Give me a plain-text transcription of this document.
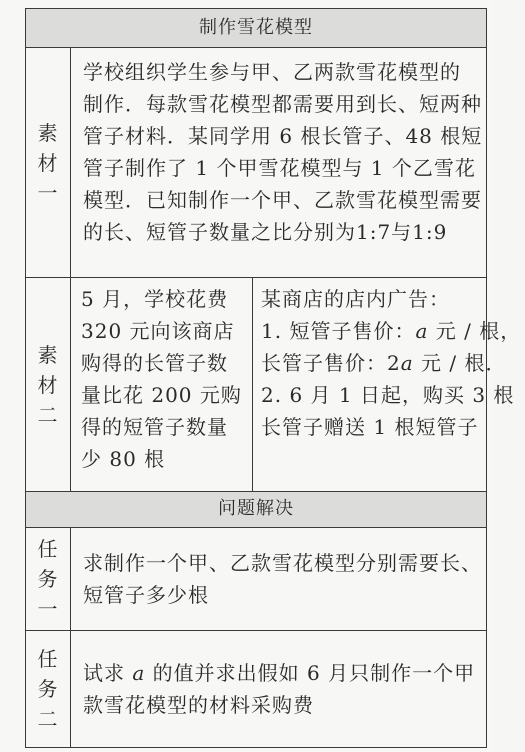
制作雪花模型
素
材
一
学校组织学生参与甲、乙两款雪花模型的
制作．每款雪花模型都需要用到长、短两种
管子材料．某同学用 6 根长管子、48 根短
管子制作了 1 个甲雪花模型与 1 个乙雪花
模型．已知制作一个甲、乙款雪花模型需要
的长、短管子数量之比分别为1:7与1:9
素
材
二
5 月，学校花费
320 元向该商店
购得的长管子数
量比花 200 元购
得的短管子数量
少 80 根
某商店的店内广告：
1. 短管子售价：a 元 / 根，
长管子售价：2a 元 / 根．
2. 6 月 1 日起，购买 3 根
长管子赠送 1 根短管子
问题解决
任
务
一
求制作一个甲、乙款雪花模型分别需要长、
短管子多少根
任
务
二
试求 a 的值并求出假如 6 月只制作一个甲
款雪花模型的材料采购费
